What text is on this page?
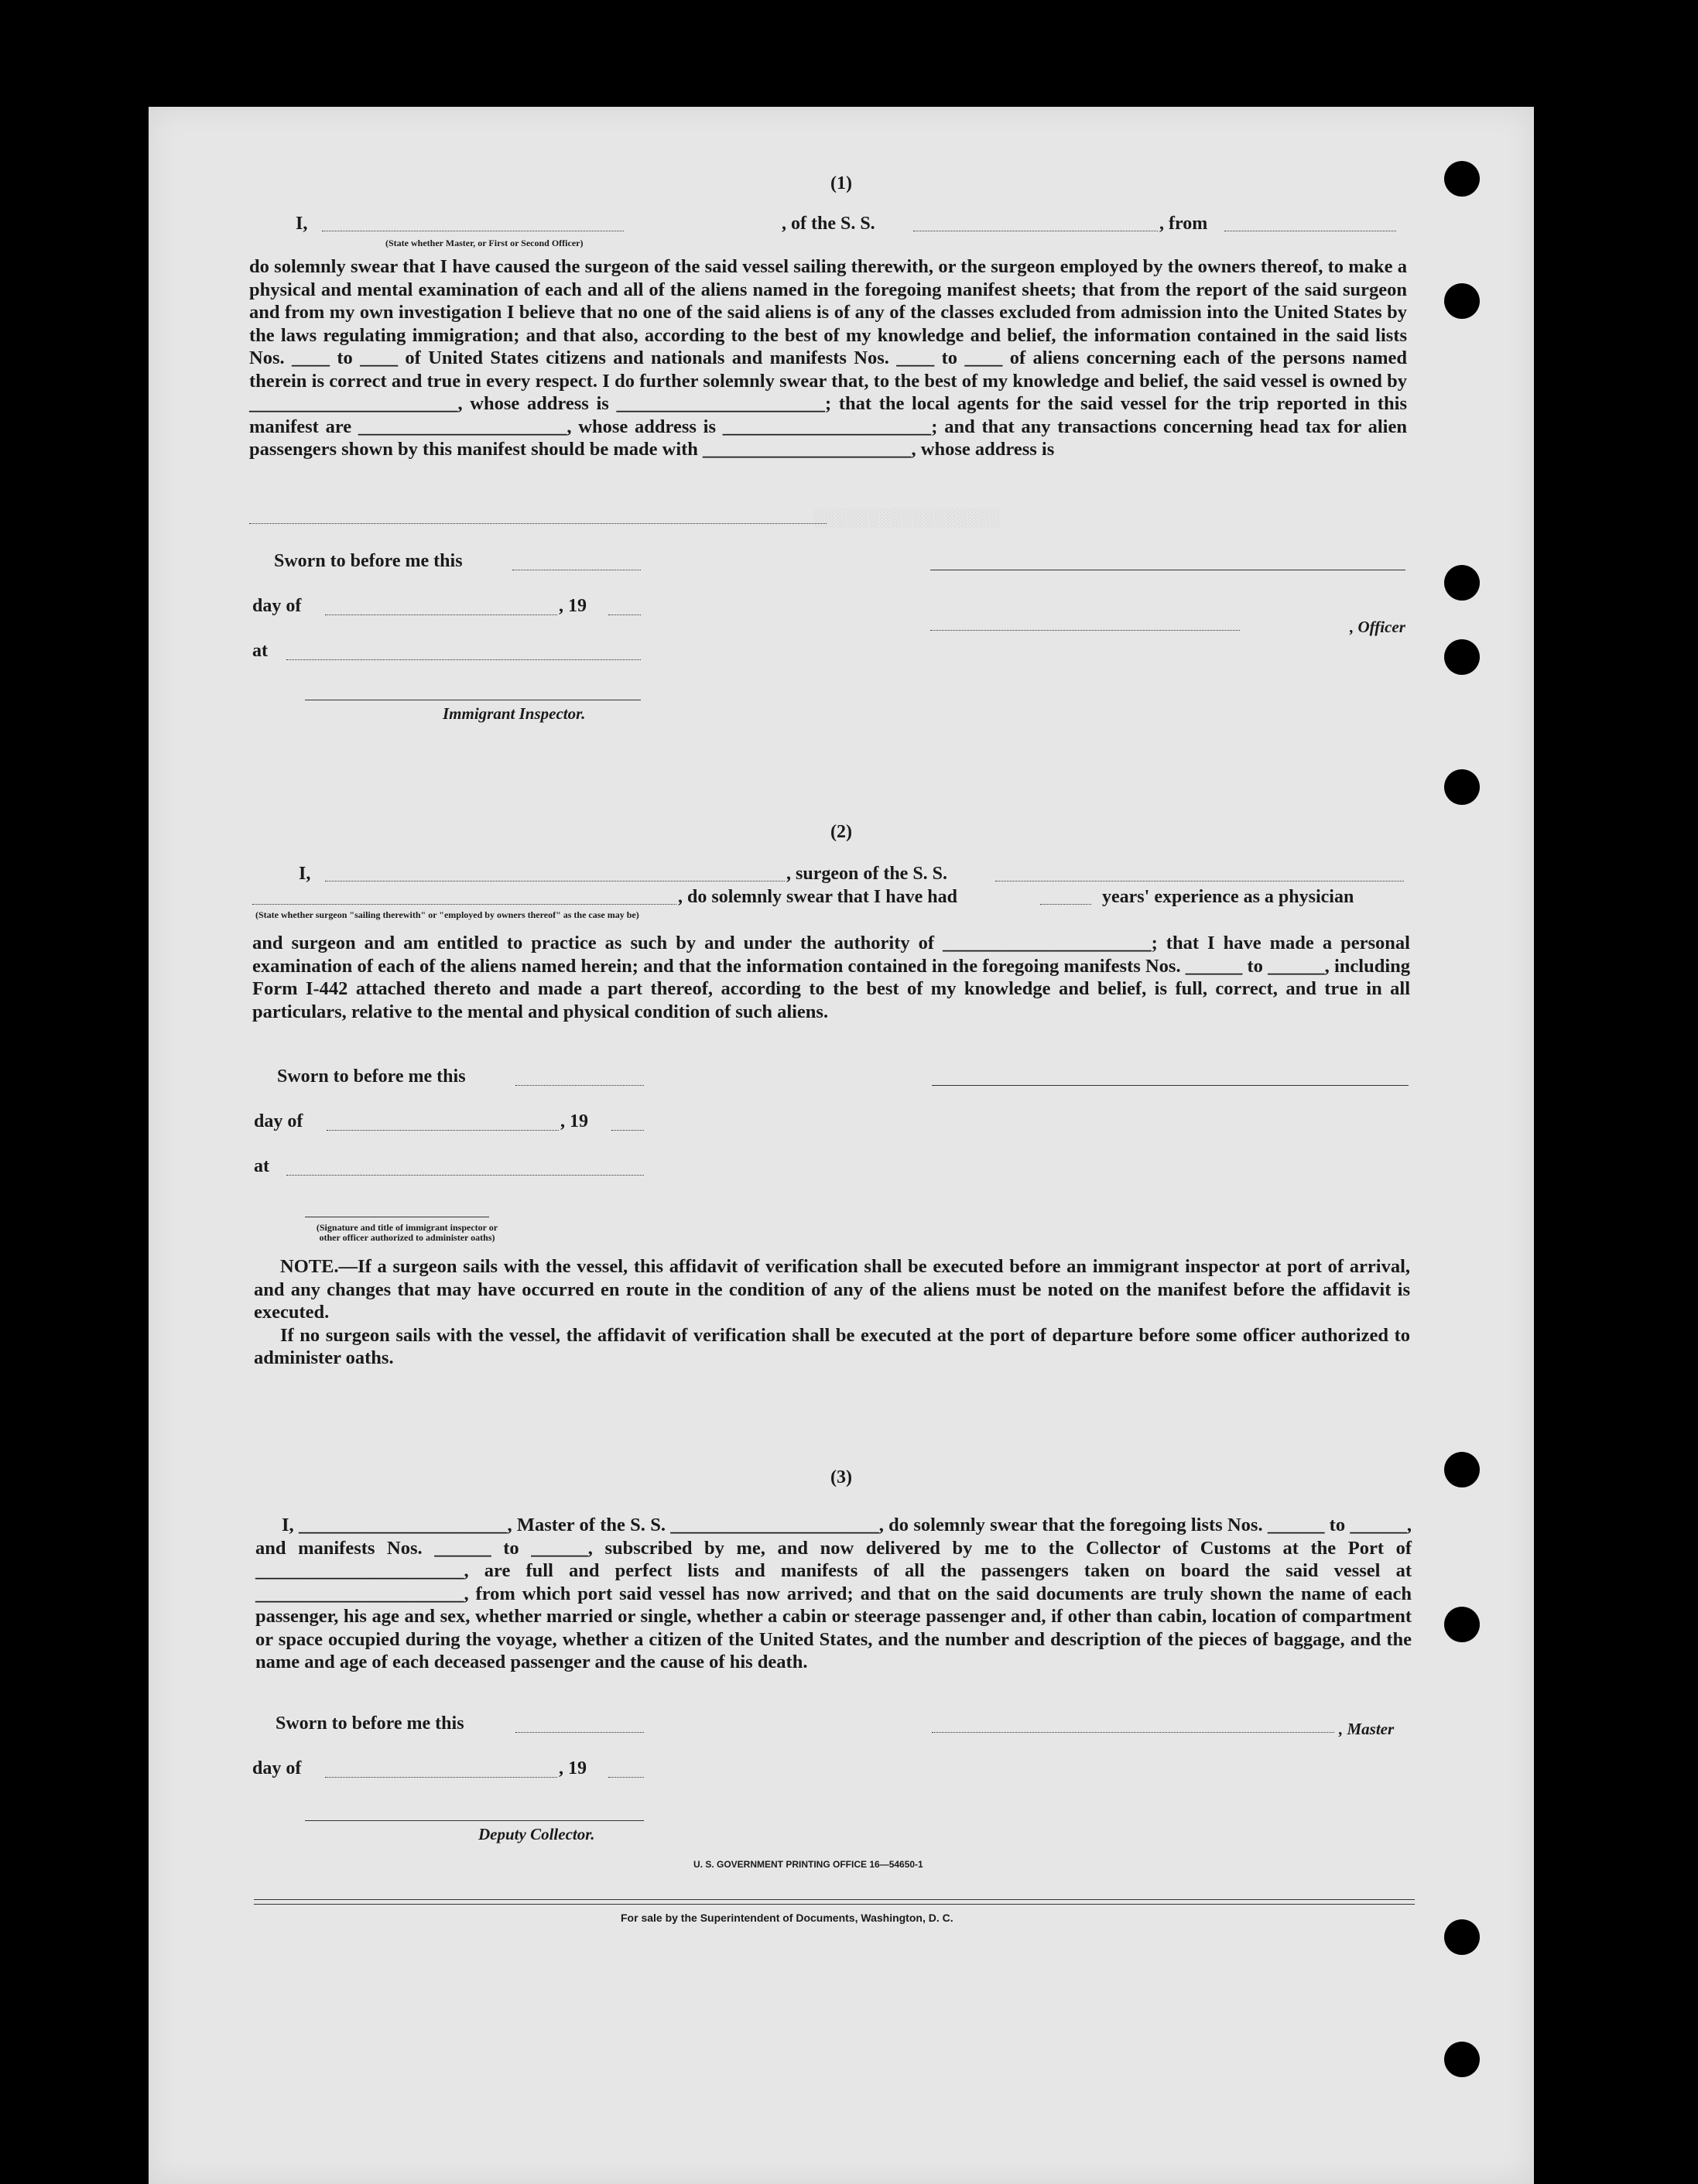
░░░░░░░░░░░░░░░░░
(1)
I,	, of the S. S.	, from
(State whether Master, or First or Second Officer)
do solemnly swear that I have caused the surgeon of the said vessel sailing therewith, or the surgeon employed by the owners thereof, to make a physical and mental examination of each and all of the aliens named in the foregoing manifest sheets; that from the report of the said surgeon and from my own investigation I believe that no one of the said aliens is of any of the classes excluded from admission into the United States by the laws regulating immigration; and that also, according to the best of my knowledge and belief, the information contained in the said lists Nos. ____ to ____ of United States citizens and nationals and manifests Nos. ____ to ____ of aliens concerning each of the persons named therein is correct and true in every respect. I do further solemnly swear that, to the best of my knowledge and belief, the said vessel is owned by ______________________, whose address is ______________________; that the local agents for the said vessel for the trip reported in this manifest are ______________________, whose address is ______________________; and that any transactions concerning head tax for alien passengers shown by this manifest should be made with ______________________, whose address is
Sworn to before me this
day of	, 19
, Officer
at
Immigrant Inspector.
(2)
I,	, surgeon of the S. S.
, do solemnly swear that I have had	years' experience as a physician
(State whether surgeon "sailing therewith" or "employed by owners thereof" as the case may be)
and surgeon and am entitled to practice as such by and under the authority of ______________________; that I have made a personal examination of each of the aliens named herein; and that the information contained in the foregoing manifests Nos. ______ to ______, including Form I-442 attached thereto and made a part thereof, according to the best of my knowledge and belief, is full, correct, and true in all particulars, relative to the mental and physical condition of such aliens.
Sworn to before me this
day of	, 19
at
(Signature and title of immigrant inspector or other officer authorized to administer oaths)

NOTE.—If a surgeon sails with the vessel, this affidavit of verification shall be executed before an immigrant inspector at port of arrival, and any changes that may have occurred en route in the condition of any of the aliens must be noted on the manifest before the affidavit is executed.

If no surgeon sails with the vessel, the affidavit of verification shall be executed at the port of departure before some officer authorized to administer oaths.

(3)

I, ______________________, Master of the S. S. ______________________, do solemnly swear that the foregoing lists Nos. ______ to ______, and manifests Nos. ______ to ______, subscribed by me, and now delivered by me to the Collector of Customs at the Port of ______________________, are full and perfect lists and manifests of all the passengers taken on board the said vessel at ______________________, from which port said vessel has now arrived; and that on the said documents are truly shown the name of each passenger, his age and sex, whether married or single, whether a cabin or steerage passenger and, if other than cabin, location of compartment or space occupied during the voyage, whether a citizen of the United States, and the number and description of the pieces of baggage, and the name and age of each deceased passenger and the cause of his death.

Sworn to before me this	, Master
day of	, 19
Deputy Collector.
U. S. GOVERNMENT PRINTING OFFICE 16—54650-1
For sale by the Superintendent of Documents, Washington, D. C.
